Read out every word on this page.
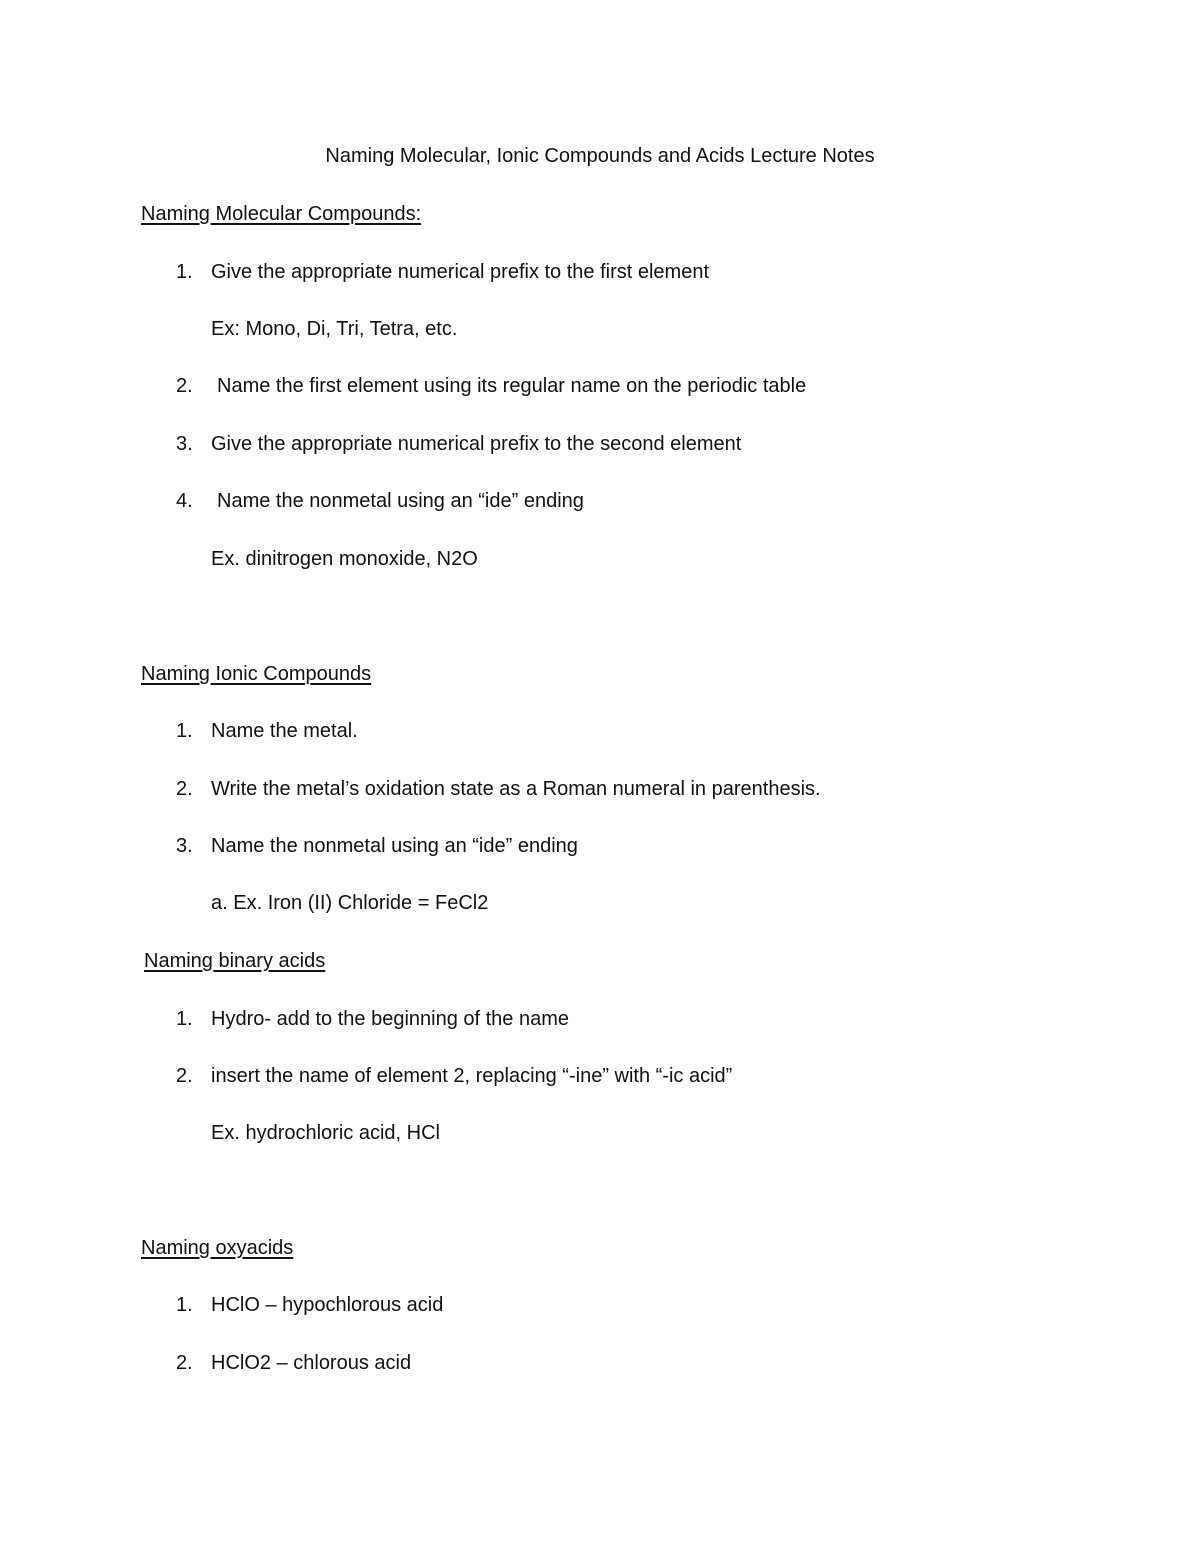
Naming Molecular, Ionic Compounds and Acids Lecture Notes
Naming Molecular Compounds:
1. Give the appropriate numerical prefix to the first element
Ex: Mono, Di, Tri, Tetra, etc.
2. Name the first element using its regular name on the periodic table
3. Give the appropriate numerical prefix to the second element
4. Name the nonmetal using an “ide” ending
Ex. dinitrogen monoxide, N2O
Naming Ionic Compounds
1. Name the metal.
2. Write the metal’s oxidation state as a Roman numeral in parenthesis.
3. Name the nonmetal using an “ide” ending
a. Ex. Iron (II) Chloride = FeCl2
Naming binary acids
1. Hydro- add to the beginning of the name
2. insert the name of element 2, replacing “-ine” with “-ic acid”
Ex. hydrochloric acid, HCl
Naming oxyacids
1. HClO – hypochlorous acid
2. HClO2 – chlorous acid
